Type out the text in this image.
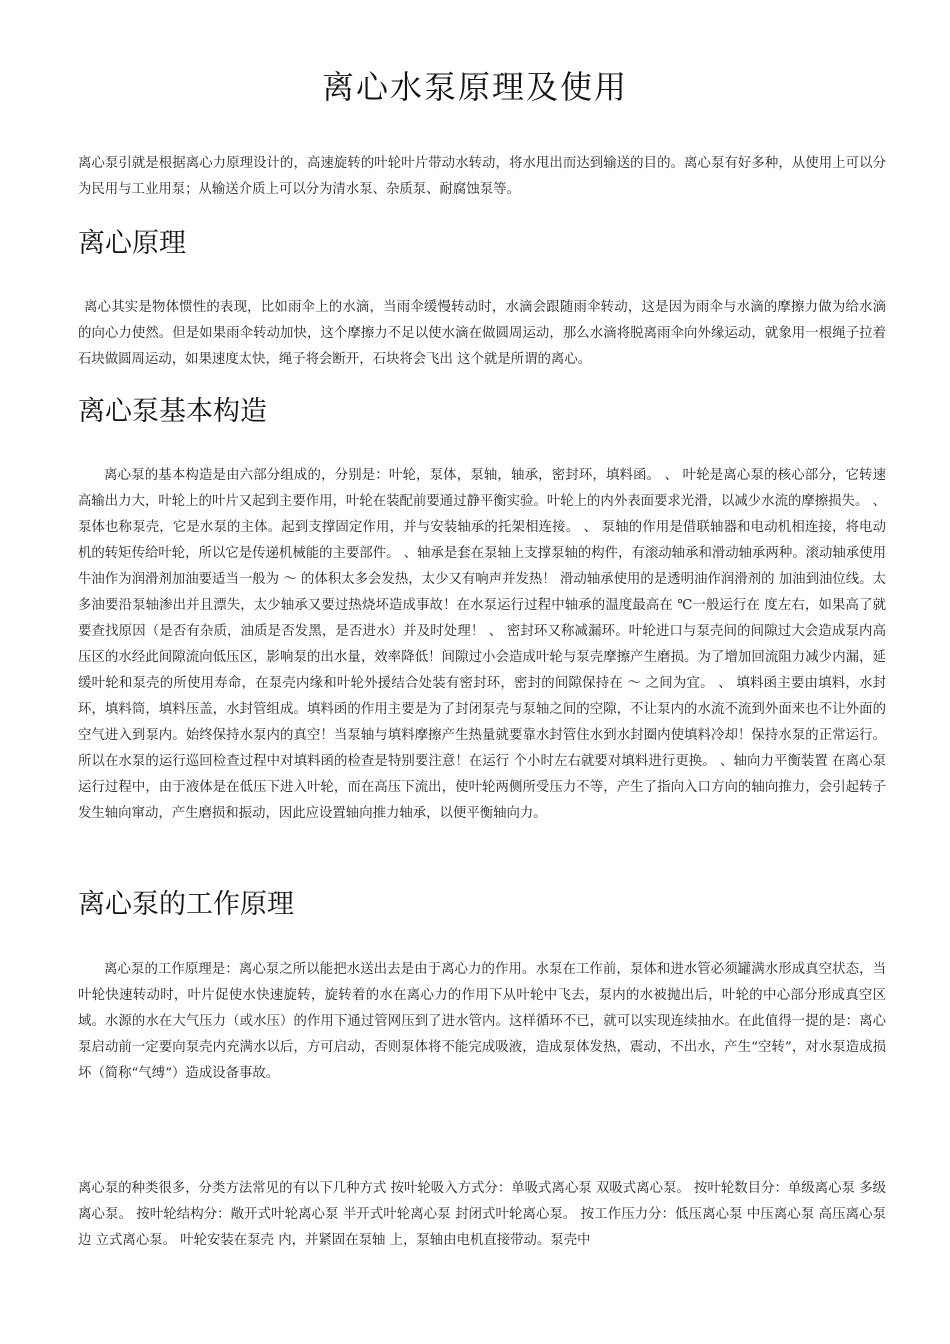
离心水泵原理及使用

离心泵引就是根据离心力原理设计的，高速旋转的叶轮叶片带动水转动，将水甩出而达到输送的目的。离心泵有好多种，从使用上可以分为民用与工业用泵；从输送介质上可以分为清水泵、杂质泵、耐腐蚀泵等。

离心原理

离心其实是物体惯性的表现，比如雨伞上的水滴，当雨伞缓慢转动时，水滴会跟随雨伞转动，这是因为雨伞与水滴的摩擦力做为给水滴的向心力使然。但是如果雨伞转动加快，这个摩擦力不足以使水滴在做圆周运动，那么水滴将脱离雨伞向外缘运动，就象用一根绳子拉着石块做圆周运动，如果速度太快，绳子将会断开，石块将会飞出 这个就是所谓的离心。

离心泵基本构造

离心泵的基本构造是由六部分组成的，分别是：叶轮，泵体，泵轴，轴承，密封环，填料函。 、 叶轮是离心泵的核心部分，它转速高输出力大，叶轮上的叶片又起到主要作用，叶轮在装配前要通过静平衡实验。叶轮上的内外表面要求光滑，以减少水流的摩擦损失。 、 泵体也称泵壳，它是水泵的主体。起到支撑固定作用，并与安装轴承的托架相连接。 、 泵轴的作用是借联轴器和电动机相连接，将电动机的转矩传给叶轮，所以它是传递机械能的主要部件。 、轴承是套在泵轴上支撑泵轴的构件，有滚动轴承和滑动轴承两种。滚动轴承使用牛油作为润滑剂加油要适当一般为 ～ 的体积太多会发热，太少又有响声并发热！ 滑动轴承使用的是透明油作润滑剂的 加油到油位线。太多油要沿泵轴渗出并且漂失，太少轴承又要过热烧坏造成事故！在水泵运行过程中轴承的温度最高在 ℃一般运行在 度左右，如果高了就要查找原因（是否有杂质，油质是否发黑，是否进水）并及时处理！ 、 密封环又称减漏环。叶轮进口与泵壳间的间隙过大会造成泵内高压区的水经此间隙流向低压区，影响泵的出水量，效率降低！间隙过小会造成叶轮与泵壳摩擦产生磨损。为了增加回流阻力减少内漏，延缓叶轮和泵壳的所使用寿命，在泵壳内缘和叶轮外援结合处装有密封环，密封的间隙保持在 ～ 之间为宜。 、 填料函主要由填料，水封环，填料筒，填料压盖，水封管组成。填料函的作用主要是为了封闭泵壳与泵轴之间的空隙，不让泵内的水流不流到外面来也不让外面的空气进入到泵内。始终保持水泵内的真空！当泵轴与填料摩擦产生热量就要靠水封管住水到水封圈内使填料冷却！保持水泵的正常运行。所以在水泵的运行巡回检查过程中对填料函的检查是特别要注意！在运行 个小时左右就要对填料进行更换。 、轴向力平衡装置 在离心泵运行过程中，由于液体是在低压下进入叶轮，而在高压下流出，使叶轮两侧所受压力不等，产生了指向入口方向的轴向推力，会引起转子发生轴向窜动，产生磨损和振动，因此应设置轴向推力轴承，以便平衡轴向力。

离心泵的工作原理

离心泵的工作原理是：离心泵之所以能把水送出去是由于离心力的作用。水泵在工作前，泵体和进水管必须罐满水形成真空状态，当叶轮快速转动时，叶片促使水快速旋转，旋转着的水在离心力的作用下从叶轮中飞去，泵内的水被抛出后，叶轮的中心部分形成真空区域。水源的水在大气压力（或水压）的作用下通过管网压到了进水管内。这样循环不已，就可以实现连续抽水。在此值得一提的是：离心泵启动前一定要向泵壳内充满水以后，方可启动，否则泵体将不能完成吸液，造成泵体发热，震动，不出水，产生“空转”，对水泵造成损坏（简称“气缚”）造成设备事故。

离心泵的种类很多，分类方法常见的有以下几种方式 按叶轮吸入方式分：单吸式离心泵 双吸式离心泵。 按叶轮数目分：单级离心泵 多级离心泵。 按叶轮结构分：敞开式叶轮离心泵 半开式叶轮离心泵 封闭式叶轮离心泵。 按工作压力分：低压离心泵 中压离心泵 高压离心泵边 立式离心泵。 叶轮安装在泵壳 内，并紧固在泵轴 上，泵轴由电机直接带动。泵壳中
